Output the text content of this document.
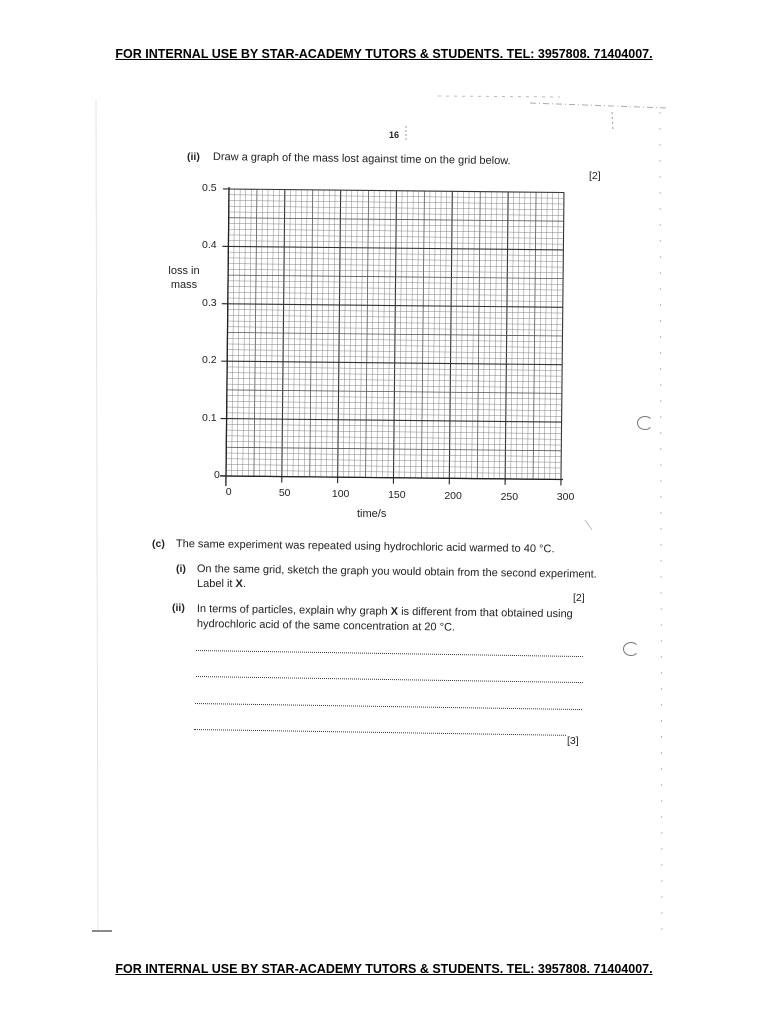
FOR INTERNAL USE BY STAR-ACADEMY TUTORS & STUDENTS. TEL: 3957808. 71404007.
FOR INTERNAL USE BY STAR-ACADEMY TUTORS & STUDENTS. TEL: 3957808. 71404007.
16
(ii) Draw a graph of the mass lost against time on the grid below.
[2]
loss in mass
0	50	100	150	200	250	300
0
0.1
0.2
0.3
0.4
0.5
time/s
(c) The same experiment was repeated using hydrochloric acid warmed to 40 °C.
(i) On the same grid, sketch the graph you would obtain from the second experiment.
Label it X.
[2]
(ii) In terms of particles, explain why graph X is different from that obtained using
hydrochloric acid of the same concentration at 20 °C.
[3]
